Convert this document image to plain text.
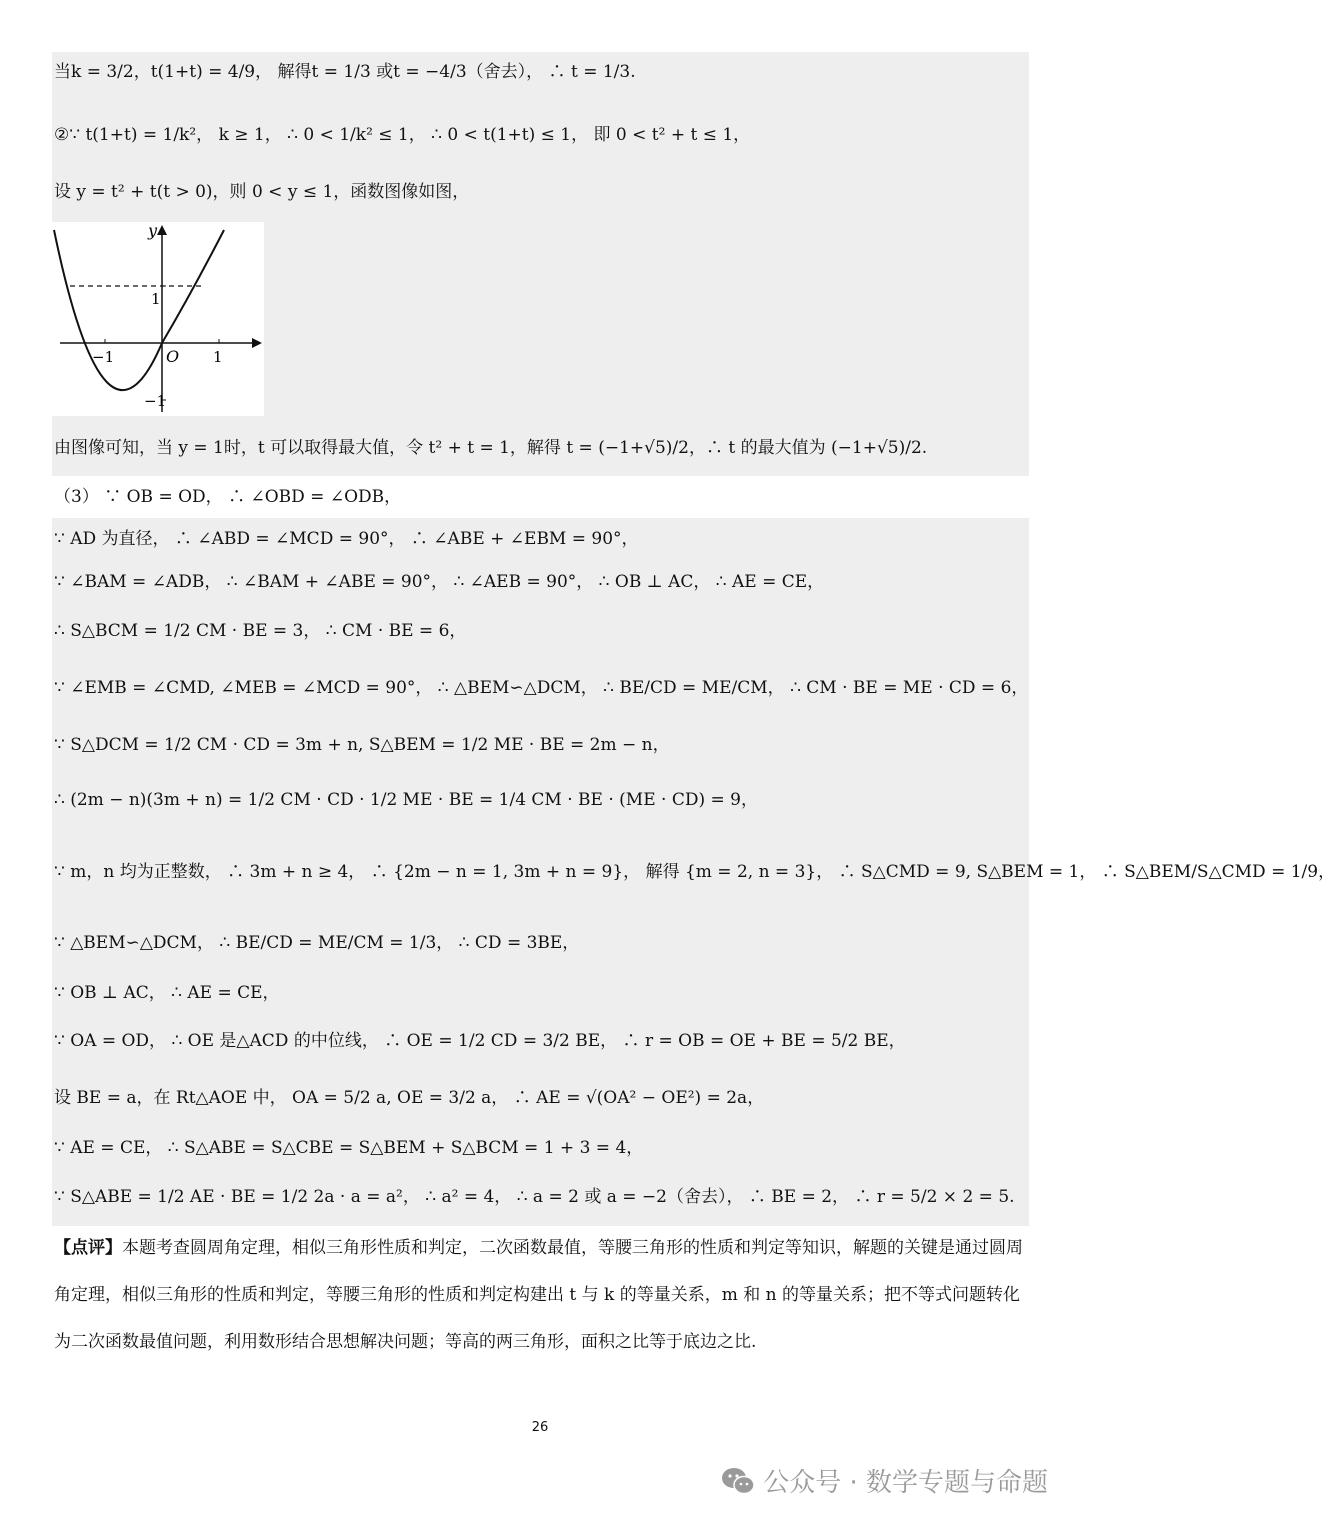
当k = 3/2，t(1+t) = 4/9， 解得t = 1/3 或t = −4/3（舍去）， ∴ t = 1/3.
②∵ t(1+t) = 1/k²， k ≥ 1， ∴ 0 < 1/k² ≤ 1， ∴ 0 < t(1+t) ≤ 1， 即 0 < t² + t ≤ 1，
设 y = t² + t(t > 0)，则 0 < y ≤ 1，函数图像如图，
y
O
−1	1
1
−1
由图像可知，当 y = 1时，t 可以取得最大值，令 t² + t = 1，解得 t = (−1+√5)/2，∴ t 的最大值为 (−1+√5)/2.
（3） ∵ OB = OD， ∴ ∠OBD = ∠ODB，
∵ AD 为直径， ∴ ∠ABD = ∠MCD = 90°， ∴ ∠ABE + ∠EBM = 90°，
∵ ∠BAM = ∠ADB， ∴ ∠BAM + ∠ABE = 90°， ∴ ∠AEB = 90°， ∴ OB ⊥ AC， ∴ AE = CE，
∴ S△BCM = 1/2 CM · BE = 3， ∴ CM · BE = 6，
∵ ∠EMB = ∠CMD, ∠MEB = ∠MCD = 90°， ∴ △BEM∽△DCM， ∴ BE/CD = ME/CM， ∴ CM · BE = ME · CD = 6，
∵ S△DCM = 1/2 CM · CD = 3m + n, S△BEM = 1/2 ME · BE = 2m − n，
∴ (2m − n)(3m + n) = 1/2 CM · CD · 1/2 ME · BE = 1/4 CM · BE · (ME · CD) = 9，
∵ m，n 均为正整数， ∴ 3m + n ≥ 4， ∴ {2m − n = 1, 3m + n = 9}， 解得 {m = 2, n = 3}， ∴ S△CMD = 9, S△BEM = 1， ∴ S△BEM/S△CMD = 1/9，
∵ △BEM∽△DCM， ∴ BE/CD = ME/CM = 1/3， ∴ CD = 3BE，
∵ OB ⊥ AC， ∴ AE = CE，
∵ OA = OD， ∴ OE 是△ACD 的中位线， ∴ OE = 1/2 CD = 3/2 BE， ∴ r = OB = OE + BE = 5/2 BE，
设 BE = a，在 Rt△AOE 中， OA = 5/2 a, OE = 3/2 a， ∴ AE = √(OA² − OE²) = 2a，
∵ AE = CE， ∴ S△ABE = S△CBE = S△BEM + S△BCM = 1 + 3 = 4，
∵ S△ABE = 1/2 AE · BE = 1/2 2a · a = a²， ∴ a² = 4， ∴ a = 2 或 a = −2（舍去）， ∴ BE = 2， ∴ r = 5/2 × 2 = 5.
【点评】本题考查圆周角定理，相似三角形性质和判定，二次函数最值，等腰三角形的性质和判定等知识，解题的关键是通过圆周角定理，相似三角形的性质和判定，等腰三角形的性质和判定构建出 t 与 k 的等量关系，m 和 n 的等量关系；把不等式问题转化为二次函数最值问题，利用数形结合思想解决问题；等高的两三角形，面积之比等于底边之比.
26
公众号 · 数学专题与命题
